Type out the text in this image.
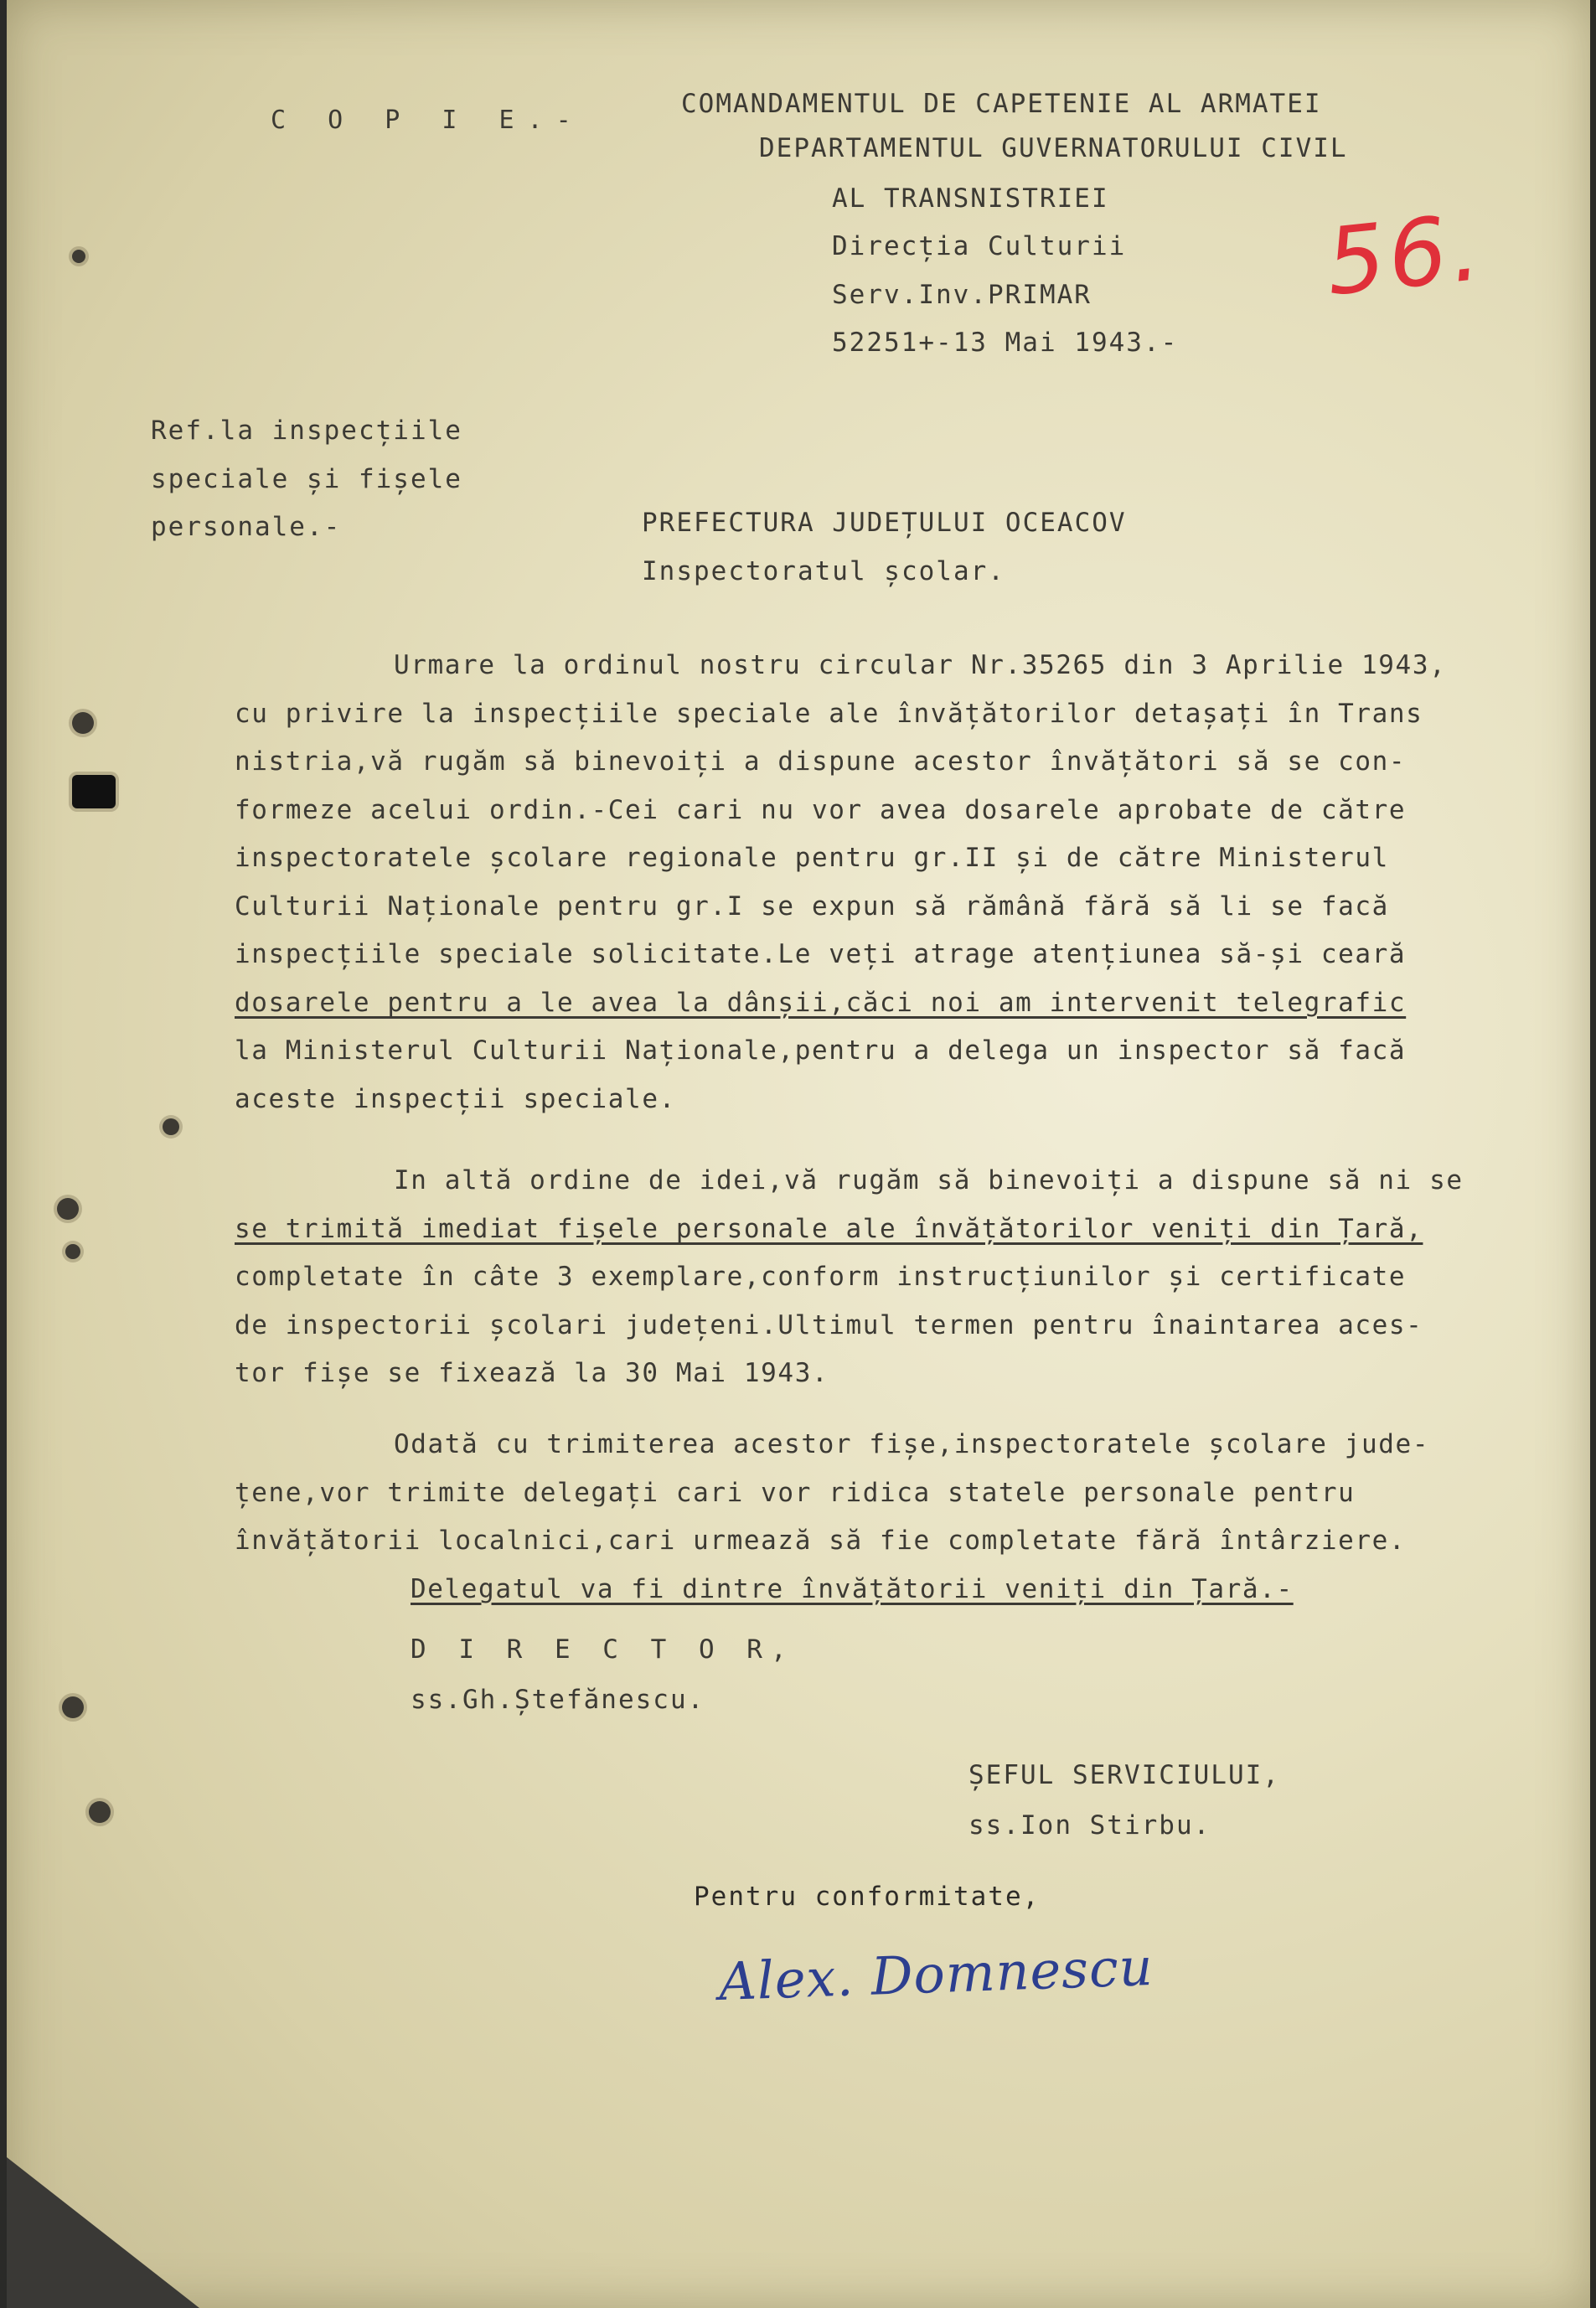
C O P I E.-
COMANDAMENTUL DE CAPETENIE AL ARMATEI
DEPARTAMENTUL GUVERNATORULUI CIVIL
AL TRANSNISTRIEI
Direcția Culturii
Serv.Inv.PRIMAR
52251+-13 Mai 1943.-
56.
Ref.la inspecțiile
speciale și fișele
personale.-	PREFECTURA JUDEȚULUI OCEACOV
Inspectoratul școlar.
Urmare la ordinul nostru circular Nr.35265 din 3 Aprilie 1943,
cu privire la inspecțiile speciale ale învățătorilor detașați în Trans
nistria,vă rugăm să binevoiți a dispune acestor învățători să se con-
formeze acelui ordin.-Cei cari nu vor avea dosarele aprobate de către
inspectoratele școlare regionale pentru gr.II și de către Ministerul
Culturii Naționale pentru gr.I se expun să rămână fără să li se facă
inspecțiile speciale solicitate.Le veți atrage atențiunea să-și ceară
dosarele pentru a le avea la dânșii,căci noi am intervenit telegrafic
la Ministerul Culturii Naționale,pentru a delega un inspector să facă
aceste inspecții speciale.
In altă ordine de idei,vă rugăm să binevoiți a dispune să ni se
se trimită imediat fișele personale ale învățătorilor veniți din Țară,
completate în câte 3 exemplare,conform instrucțiunilor și certificate
de inspectorii școlari județeni.Ultimul termen pentru înaintarea aces-
tor fișe se fixează la 30 Mai 1943.
Odată cu trimiterea acestor fișe,inspectoratele școlare jude-
țene,vor trimite delegați cari vor ridica statele personale pentru
învățătorii localnici,cari urmează să fie completate fără întârziere.
Delegatul va fi dintre învățătorii veniți din Țară.-
D I R E C T O R,
ss.Gh.Ștefănescu.
ȘEFUL SERVICIULUI,
ss.Ion Stirbu.
Pentru conformitate,
Alex. Domnescu
